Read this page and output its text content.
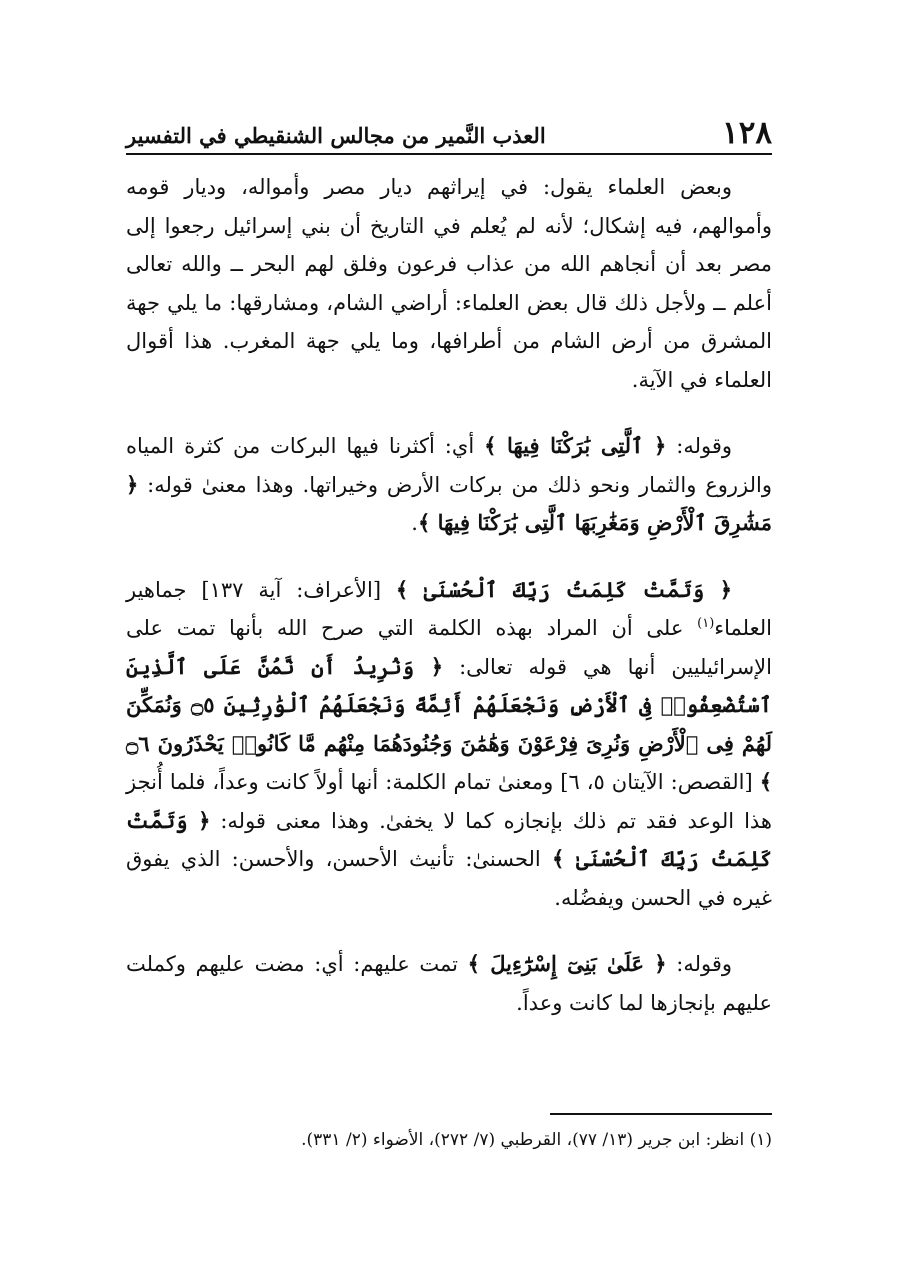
١٢٨
العذب النَّمير من مجالس الشنقيطي في التفسير

وبعض العلماء يقول: في إيراثهم ديار مصر وأمواله، وديار قومه وأموالهم، فيه إشكال؛ لأنه لم يُعلم في التاريخ أن بني إسرائيل رجعوا إلى مصر بعد أن أنجاهم الله من عذاب فرعون وفلق لهم البحر ــ والله تعالى أعلم ــ ولأجل ذلك قال بعض العلماء: أراضي الشام، ومشارقها: ما يلي جهة المشرق من أرض الشام من أطرافها، وما يلي جهة المغرب. هذا أقوال العلماء في الآية.

وقوله: ﴿ ٱلَّتِى بَٰرَكْنَا فِيهَا ﴾ أي: أكثرنا فيها البركات من كثرة المياه والزروع والثمار ونحو ذلك من بركات الأرض وخيراتها. وهذا معنىٰ قوله: ﴿ مَشَٰرِقَ ٱلْأَرْضِ وَمَغَٰرِبَهَا ٱلَّتِى بَٰرَكْنَا فِيهَا ﴾.

﴿ وَتَمَّتْ كَلِمَتُ رَبِّكَ ٱلْحُسْنَىٰ ﴾ [الأعراف: آية ١٣٧] جماهير العلماء$^{(١)}$ على أن المراد بهذه الكلمة التي صرح الله بأنها تمت على الإسرائيليين أنها هي قوله تعالى: ﴿ وَنُرِيدُ أَن نَّمُنَّ عَلَى ٱلَّذِينَ ٱسْتُضْعِفُوا۟ فِى ٱلْأَرْضِ وَنَجْعَلَهُمْ أَئِمَّةً وَنَجْعَلَهُمُ ٱلْوَٰرِثِينَ ۝٥ وَنُمَكِّنَ لَهُمْ فِى ٱلْأَرْضِ وَنُرِىَ فِرْعَوْنَ وَهَٰمَٰنَ وَجُنُودَهُمَا مِنْهُم مَّا كَانُوا۟ يَحْذَرُونَ ۝٦ ﴾ [القصص: الآيتان ٥، ٦] ومعنىٰ تمام الكلمة: أنها أولاً كانت وعداً، فلما أُنجز هذا الوعد فقد تم ذلك بإنجازه كما لا يخفىٰ. وهذا معنى قوله: ﴿ وَتَمَّتْ كَلِمَتُ رَبِّكَ ٱلْحُسْنَىٰ ﴾ الحسنىٰ: تأنيث الأحسن، والأحسن: الذي يفوق غيره في الحسن ويفضُله.

وقوله: ﴿ عَلَىٰ بَنِىٓ إِسْرَٰٓءِيلَ ﴾ تمت عليهم: أي: مضت عليهم وكملت عليهم بإنجازها لما كانت وعداً.

(١) انظر: ابن جرير (١٣/ ٧٧)، القرطبي (٧/ ٢٧٢)، الأضواء (٢/ ٣٣١).
